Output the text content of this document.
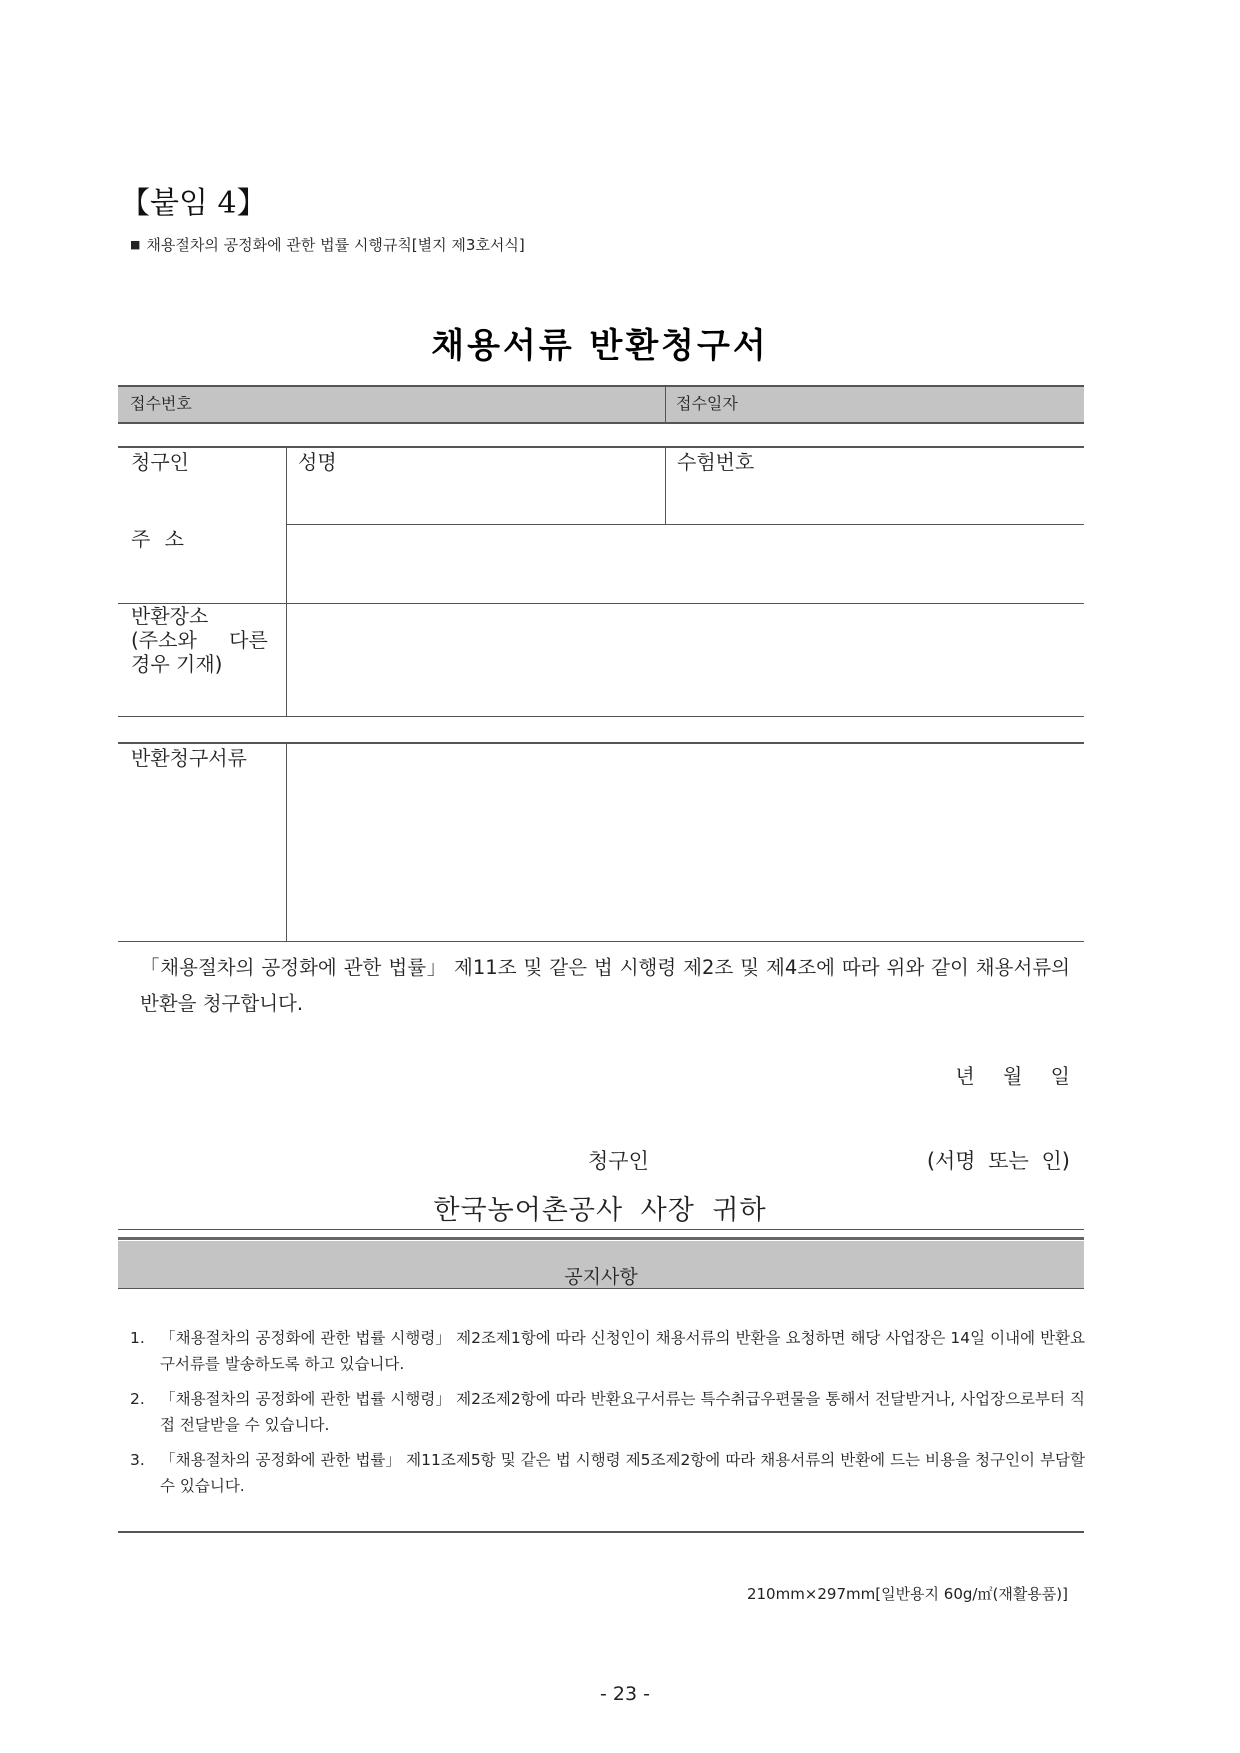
【붙임 4】
■ 채용절차의 공정화에 관한 법률 시행규칙[별지 제3호서식]
채용서류 반환청구서
접수번호	접수일자
청구인	성명	수험번호
주 소
반환장소
(주소와 다른
경우 기재)
반환청구서류
「채용절차의 공정화에 관한 법률」 제11조 및 같은 법 시행령 제2조 및 제4조에 따라 위와 같이 채용서류의 반환을 청구합니다.
년 월 일
청구인	(서명 또는 인)
한국농어촌공사 사장 귀하
공지사항
1. 「채용절차의 공정화에 관한 법률 시행령」 제2조제1항에 따라 신청인이 채용서류의 반환을 요청하면 해당 사업장은 14일 이내에 반환요구서류를 발송하도록 하고 있습니다.
2. 「채용절차의 공정화에 관한 법률 시행령」 제2조제2항에 따라 반환요구서류는 특수취급우편물을 통해서 전달받거나, 사업장으로부터 직접 전달받을 수 있습니다.
3. 「채용절차의 공정화에 관한 법률」 제11조제5항 및 같은 법 시행령 제5조제2항에 따라 채용서류의 반환에 드는 비용을 청구인이 부담할 수 있습니다.
210mm×297mm[일반용지 60g/㎡(재활용품)]
- 23 -
